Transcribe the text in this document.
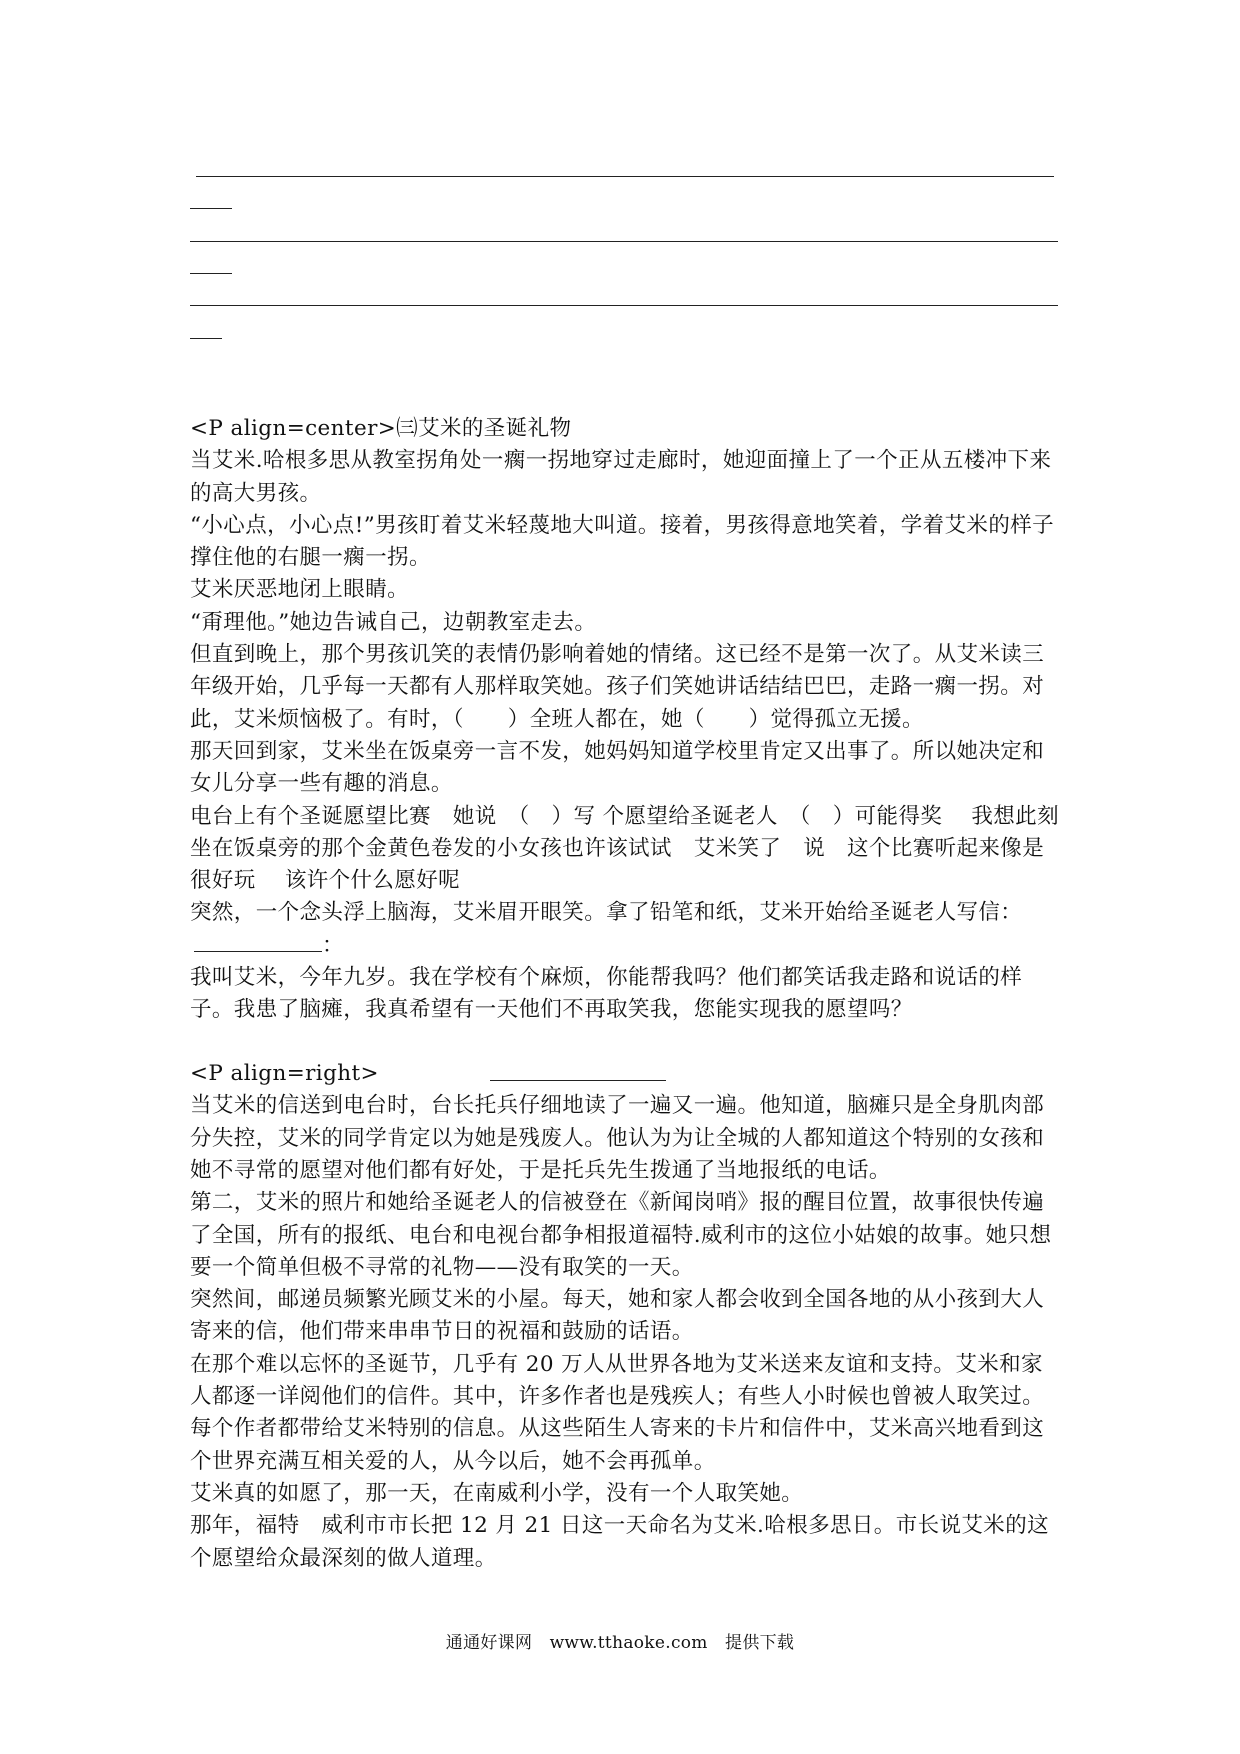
<P align=center>㈢艾米的圣诞礼物

当艾米.哈根多思从教室拐角处一瘸一拐地穿过走廊时，她迎面撞上了一个正从五楼冲下来的高大男孩。

“小心点，小心点!”男孩盯着艾米轻蔑地大叫道。接着，男孩得意地笑着，学着艾米的样子撑住他的右腿一瘸一拐。

艾米厌恶地闭上眼睛。

“甭理他。”她边告诫自己，边朝教室走去。

但直到晚上，那个男孩讥笑的表情仍影响着她的情绪。这已经不是第一次了。从艾米读三年级开始，几乎每一天都有人那样取笑她。孩子们笑她讲话结结巴巴，走路一瘸一拐。对此，艾米烦恼极了。有时，（　　）全班人都在，她（　　）觉得孤立无援。

那天回到家，艾米坐在饭桌旁一言不发，她妈妈知道学校里肯定又出事了。所以她决定和女儿分享一些有趣的消息。

电台上有个圣诞愿望比赛　她说　（　）写 个愿望给圣诞老人　（　）可能得奖　 我想此刻坐在饭桌旁的那个金黄色卷发的小女孩也许该试试　艾米笑了　说　这个比赛听起来像是很好玩　 该许个什么愿好呢

突然，一个念头浮上脑海，艾米眉开眼笑。拿了铅笔和纸，艾米开始给圣诞老人写信：

：

我叫艾米，今年九岁。我在学校有个麻烦，你能帮我吗？他们都笑话我走路和说话的样子。我患了脑瘫，我真希望有一天他们不再取笑我，您能实现我的愿望吗？

<P align=right>

当艾米的信送到电台时，台长托兵仔细地读了一遍又一遍。他知道，脑瘫只是全身肌肉部分失控，艾米的同学肯定以为她是残废人。他认为为让全城的人都知道这个特别的女孩和她不寻常的愿望对他们都有好处，于是托兵先生拨通了当地报纸的电话。

第二，艾米的照片和她给圣诞老人的信被登在《新闻岗哨》报的醒目位置，故事很快传遍了全国，所有的报纸、电台和电视台都争相报道福特.威利市的这位小姑娘的故事。她只想要一个简单但极不寻常的礼物——没有取笑的一天。

突然间，邮递员频繁光顾艾米的小屋。每天，她和家人都会收到全国各地的从小孩到大人寄来的信，他们带来串串节日的祝福和鼓励的话语。

在那个难以忘怀的圣诞节，几乎有 20 万人从世界各地为艾米送来友谊和支持。艾米和家人都逐一详阅他们的信件。其中，许多作者也是残疾人；有些人小时候也曾被人取笑过。每个作者都带给艾米特别的信息。从这些陌生人寄来的卡片和信件中，艾米高兴地看到这个世界充满互相关爱的人，从今以后，她不会再孤单。

艾米真的如愿了，那一天，在南威利小学，没有一个人取笑她。

那年，福特　威利市市长把 12 月 21 日这一天命名为艾米.哈根多思日。市长说艾米的这个愿望给众最深刻的做人道理。

通通好课网　www.tthaoke.com　提供下载
